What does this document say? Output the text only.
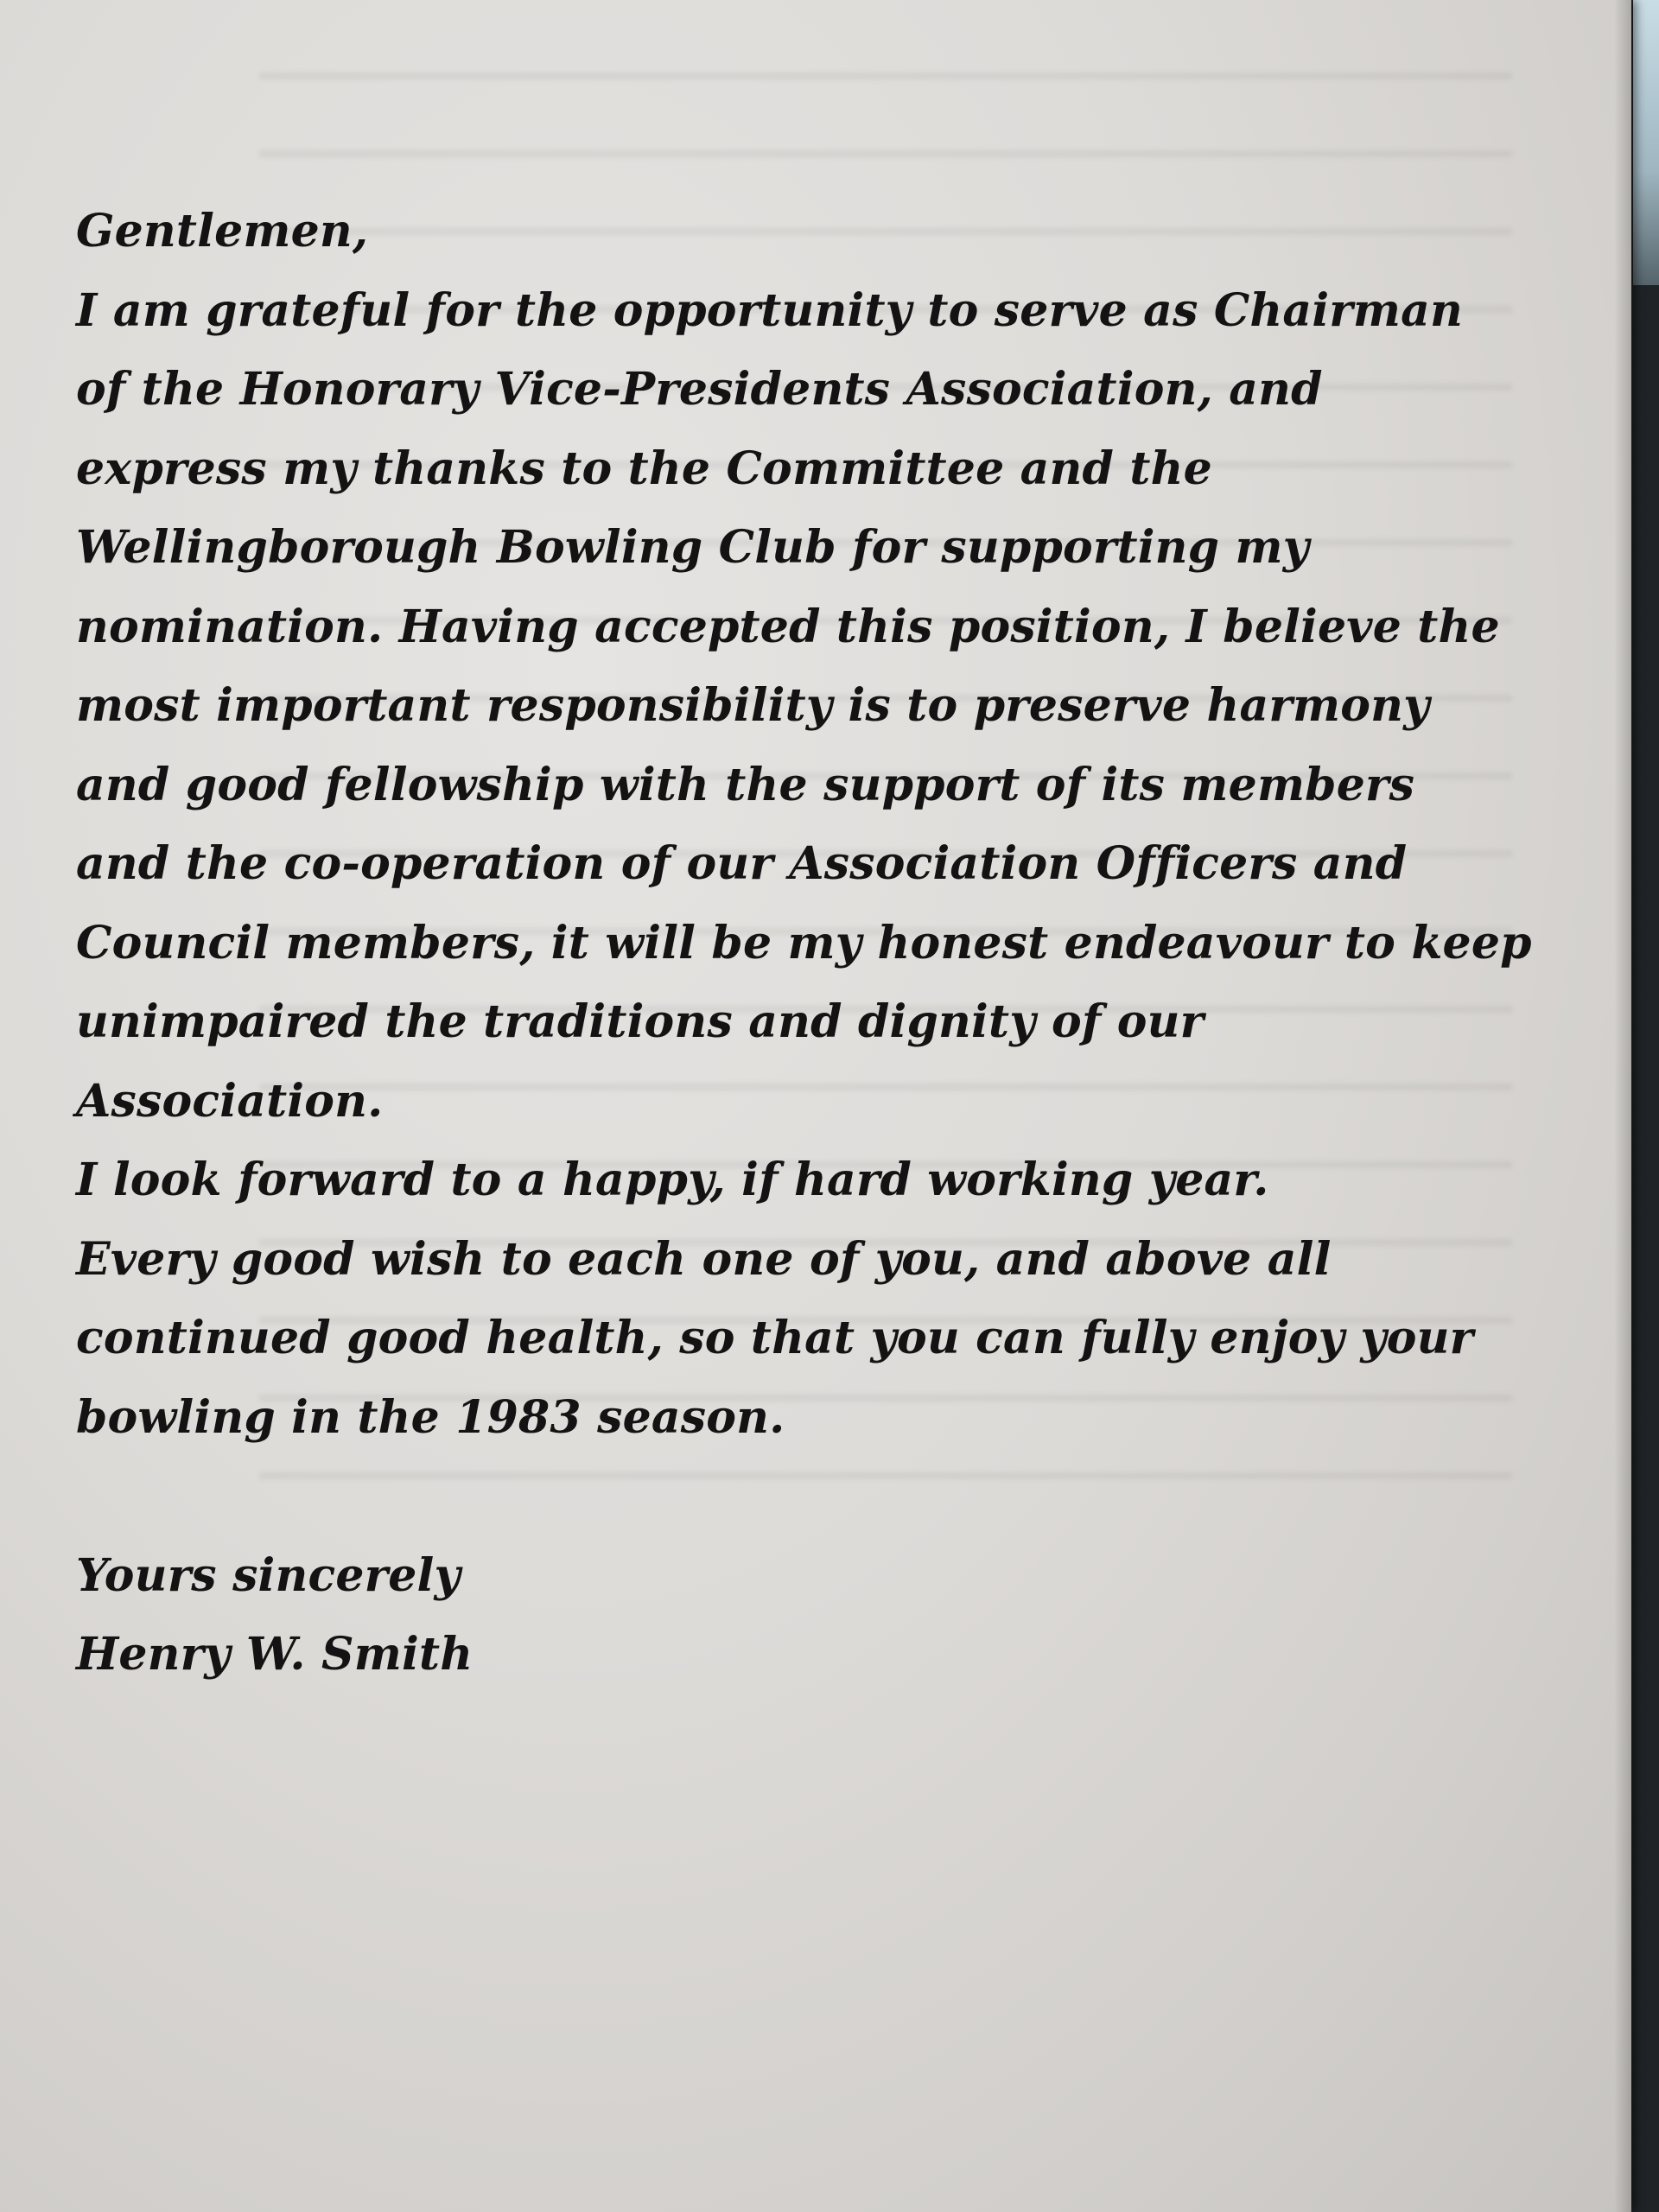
Gentlemen,
I am grateful for the opportunity to serve as Chairman
of the Honorary Vice-Presidents Association, and
express my thanks to the Committee and the
Wellingborough Bowling Club for supporting my
nomination. Having accepted this position, I believe the
most important responsibility is to preserve harmony
and good fellowship with the support of its members
and the co-operation of our Association Officers and
Council members, it will be my honest endeavour to keep
unimpaired the traditions and dignity of our
Association.
I look forward to a happy, if hard working year.
Every good wish to each one of you, and above all
continued good health, so that you can fully enjoy your
bowling in the 1983 season.
Yours sincerely
Henry W. Smith
